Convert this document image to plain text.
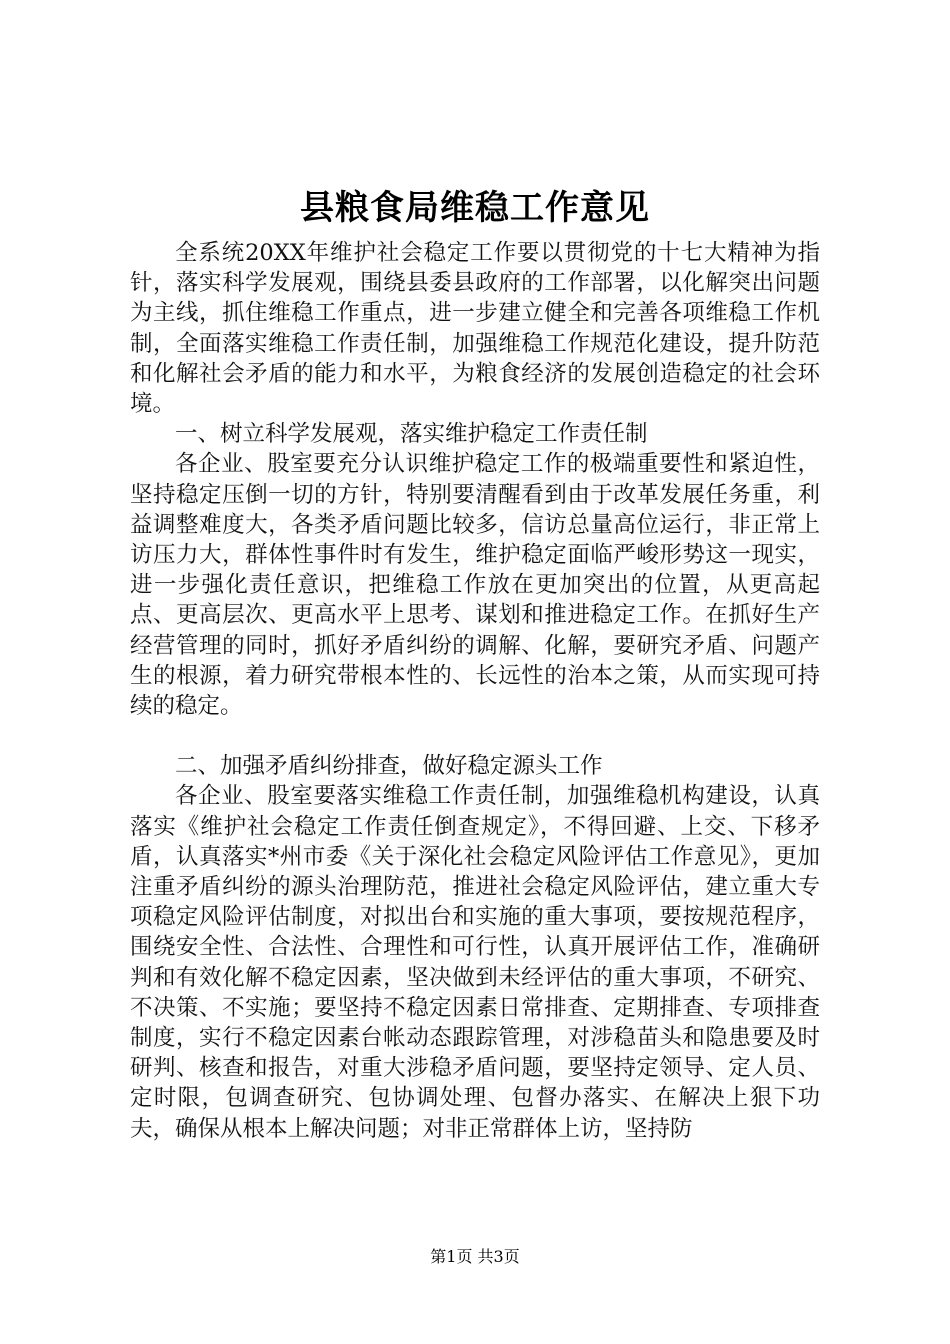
县粮食局维稳工作意见

全系统20XX年维护社会稳定工作要以贯彻党的十七大精神为指针，落实科学发展观，围绕县委县政府的工作部署，以化解突出问题为主线，抓住维稳工作重点，进一步建立健全和完善各项维稳工作机制，全面落实维稳工作责任制，加强维稳工作规范化建设，提升防范和化解社会矛盾的能力和水平，为粮食经济的发展创造稳定的社会环境。

一、树立科学发展观，落实维护稳定工作责任制

各企业、股室要充分认识维护稳定工作的极端重要性和紧迫性，坚持稳定压倒一切的方针，特别要清醒看到由于改革发展任务重，利益调整难度大，各类矛盾问题比较多，信访总量高位运行，非正常上访压力大，群体性事件时有发生，维护稳定面临严峻形势这一现实，进一步强化责任意识，把维稳工作放在更加突出的位置，从更高起点、更高层次、更高水平上思考、谋划和推进稳定工作。在抓好生产经营管理的同时，抓好矛盾纠纷的调解、化解，要研究矛盾、问题产生的根源，着力研究带根本性的、长远性的治本之策，从而实现可持续的稳定。

二、加强矛盾纠纷排查，做好稳定源头工作

各企业、股室要落实维稳工作责任制，加强维稳机构建设，认真落实《维护社会稳定工作责任倒查规定》，不得回避、上交、下移矛盾，认真落实*州市委《关于深化社会稳定风险评估工作意见》，更加注重矛盾纠纷的源头治理防范，推进社会稳定风险评估，建立重大专项稳定风险评估制度，对拟出台和实施的重大事项，要按规范程序，围绕安全性、合法性、合理性和可行性，认真开展评估工作，准确研判和有效化解不稳定因素，坚决做到未经评估的重大事项，不研究、不决策、不实施；要坚持不稳定因素日常排查、定期排查、专项排查制度，实行不稳定因素台帐动态跟踪管理，对涉稳苗头和隐患要及时研判、核查和报告，对重大涉稳矛盾问题，要坚持定领导、定人员、定时限，包调查研究、包协调处理、包督办落实、在解决上狠下功夫，确保从根本上解决问题；对非正常群体上访，坚持防

第1页 共3页
